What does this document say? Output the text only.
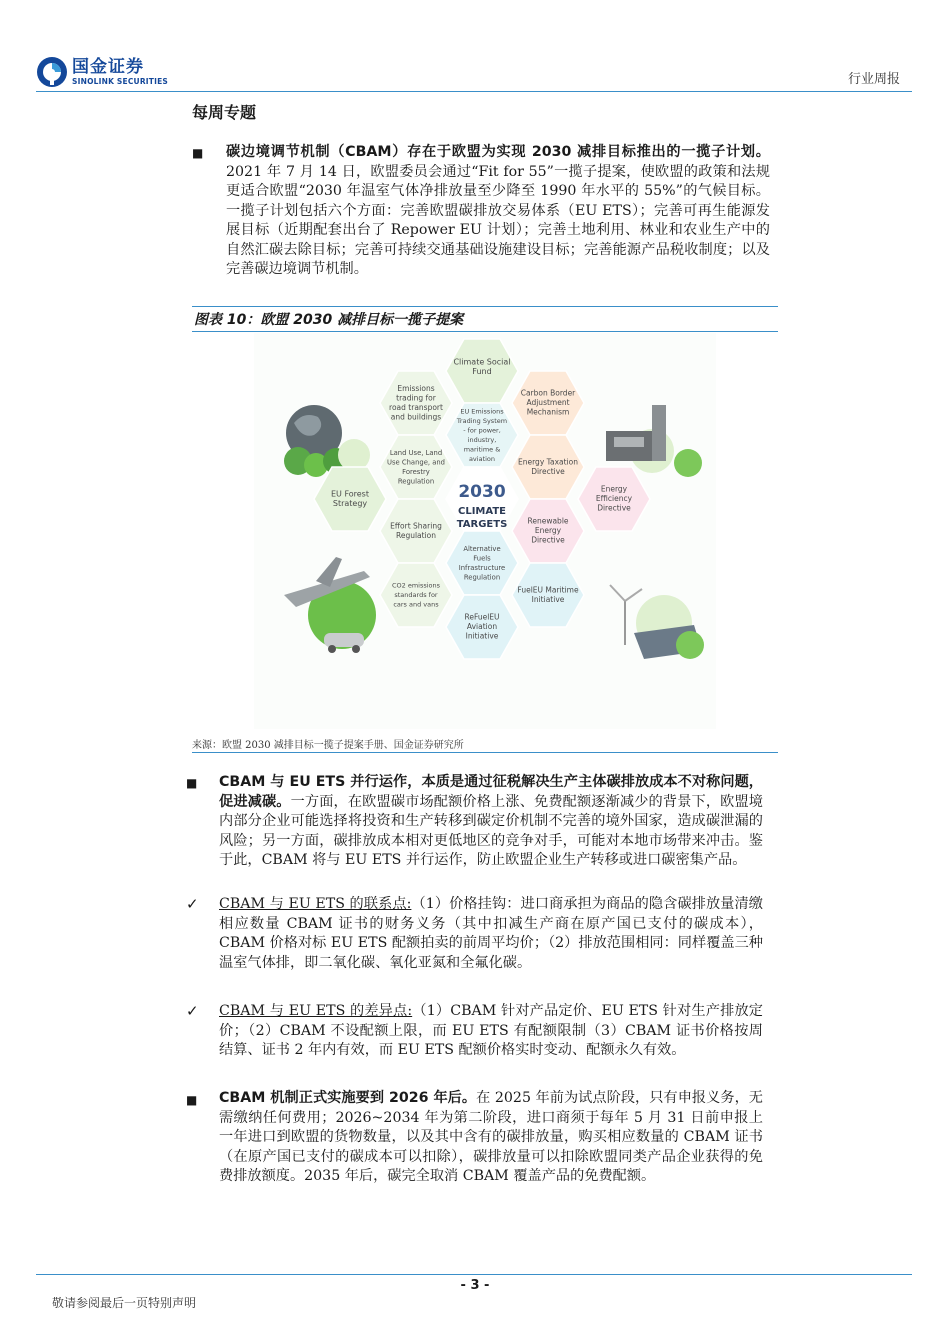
国金证券
SINOLINK SECURITIES	行业周报
每周专题
■ 碳边境调节机制（CBAM）存在于欧盟为实现 2030 减排目标推出的一揽子计划。2021 年 7 月 14 日，欧盟委员会通过“Fit for 55”一揽子提案，使欧盟的政策和法规更适合欧盟“2030 年温室气体净排放量至少降至 1990 年水平的 55%”的气候目标。一揽子计划包括六个方面：完善欧盟碳排放交易体系（EU ETS）；完善可再生能源发展目标（近期配套出台了 Repower EU 计划）；完善土地利用、林业和农业生产中的自然汇碳去除目标；完善可持续交通基础设施建设目标；完善能源产品税收制度；以及完善碳边境调节机制。
图表 10：欧盟 2030 减排目标一揽子提案
Climate Social Fund
Emissions trading for road transport and buildings
Carbon Border Adjustment Mechanism
EU Emissions Trading System - for power, industry, maritime & aviation
Land Use, Land Use Change, and Forestry Regulation
Energy Taxation Directive
EU Forest Strategy
Energy Efficiency Directive
Effort Sharing Regulation
Renewable Energy Directive
Alternative Fuels Infrastructure Regulation
CO2 emissions standards for cars and vans
FuelEU Maritime Initiative
ReFuelEU Aviation Initiative
2030
CLIMATE
TARGETS
来源：欧盟 2030 减排目标一揽子提案手册、国金证券研究所
■ CBAM 与 EU ETS 并行运作，本质是通过征税解决生产主体碳排放成本不对称问题，促进减碳。一方面，在欧盟碳市场配额价格上涨、免费配额逐渐减少的背景下，欧盟境内部分企业可能选择将投资和生产转移到碳定价机制不完善的境外国家，造成碳泄漏的风险；另一方面，碳排放成本相对更低地区的竞争对手，可能对本地市场带来冲击。鉴于此，CBAM 将与 EU ETS 并行运作，防止欧盟企业生产转移或进口碳密集产品。
✓ CBAM 与 EU ETS 的联系点:（1）价格挂钩：进口商承担为商品的隐含碳排放量清缴相应数量 CBAM 证书的财务义务（其中扣减生产商在原产国已支付的碳成本），CBAM 价格对标 EU ETS 配额拍卖的前周平均价；（2）排放范围相同：同样覆盖三种温室气体排，即二氧化碳、氧化亚氮和全氟化碳。
✓ CBAM 与 EU ETS 的差异点:（1）CBAM 针对产品定价、EU ETS 针对生产排放定价；（2）CBAM 不设配额上限，而 EU ETS 有配额限制（3）CBAM 证书价格按周结算、证书 2 年内有效，而 EU ETS 配额价格实时变动、配额永久有效。
■ CBAM 机制正式实施要到 2026 年后。在 2025 年前为试点阶段，只有申报义务，无需缴纳任何费用；2026~2034 年为第二阶段，进口商须于每年 5 月 31 日前申报上一年进口到欧盟的货物数量，以及其中含有的碳排放量，购买相应数量的 CBAM 证书（在原产国已支付的碳成本可以扣除），碳排放量可以扣除欧盟同类产品企业获得的免费排放额度。2035 年后，碳完全取消 CBAM 覆盖产品的免费配额。
- 3 -
敬请参阅最后一页特别声明
